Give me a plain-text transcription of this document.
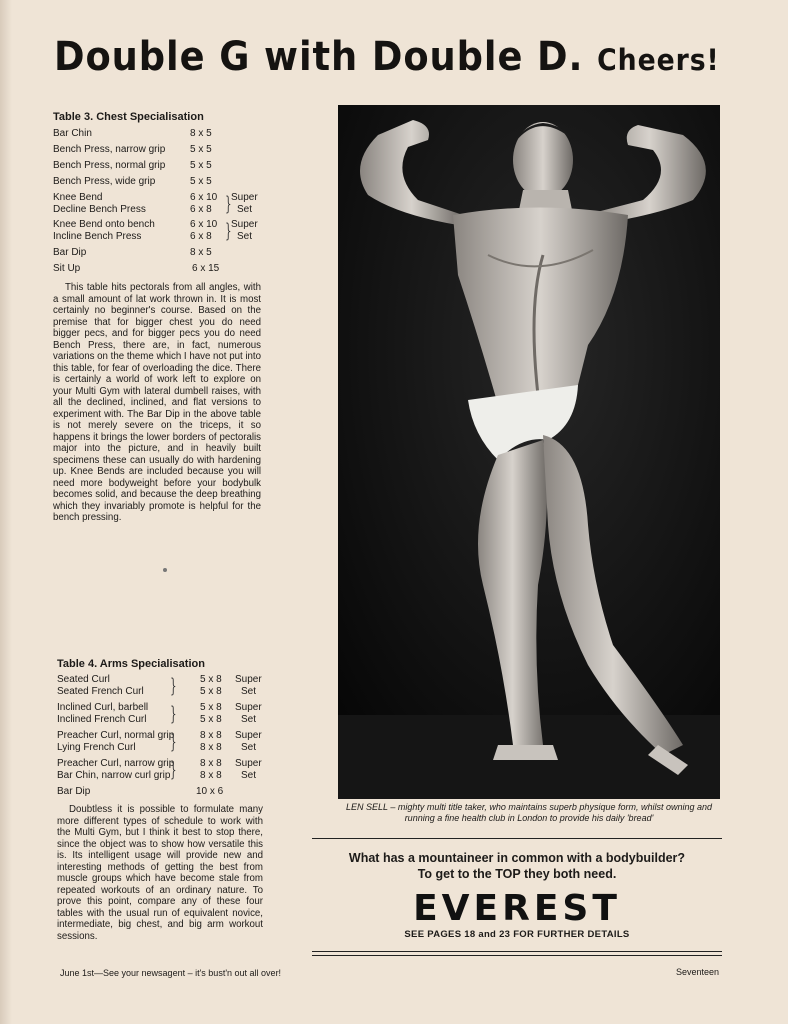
Double G with Double D. Cheers!
Table 3. Chest Specialisation
Bar Chin	8 x 5
Bench Press, narrow grip 5 x 5
Bench Press, normal grip 5 x 5
Bench Press, wide grip	5 x 5
Knee Bend	6 x 10 Super
Decline Bench Press	6 x 8	Set
}
Knee Bend onto bench	6 x 10 Super
Incline Bench Press	6 x 8	Set
}
Bar Dip	8 x 5
Sit Up	6 x 15
This table hits pectorals from all angles, with a small amount of lat work thrown in. It is most certainly no beginner's course. Based on the premise that for bigger chest you do need bigger pecs, and for bigger pecs you do need Bench Press, there are, in fact, numerous variations on the theme which I have not put into this table, for fear of overloading the dice. There is certainly a world of work left to explore on your Multi Gym with lateral dumbell raises, with all the declined, inclined, and flat versions to experiment with. The Bar Dip in the above table is not merely severe on the triceps, it so happens it brings the lower borders of pectoralis major into the picture, and in heavily built specimens these can usually do with hardening up. Knee Bends are included because you will need more bodyweight before your bodybulk becomes solid, and because the deep breathing which they invariably promote is helpful for the bench pressing.
Table 4. Arms Specialisation
Seated Curl	5 x 8 Super
Seated French Curl	5 x 8 Set
}
Inclined Curl, barbell	5 x 8 Super
Inclined French Curl	5 x 8 Set
}
Preacher Curl, normal grip	8 x 8 Super
Lying French Curl	8 x 8 Set
}
Preacher Curl, narrow grip	8 x 8 Super
Bar Chin, narrow curl grip	8 x 8 Set
}
Bar Dip	10 x 6
Doubtless it is possible to formulate many more different types of schedule to work with the Multi Gym, but I think it best to stop there, since the object was to show how versatile this is. Its intelligent usage will provide new and interesting methods of getting the best from muscle groups which have become stale from repeated workouts of an ordinary nature. To prove this point, compare any of these four tables with the usual run of equivalent novice, intermediate, big chest, and big arm workout sessions.
LEN SELL – mighty multi title taker, who maintains superb physique form, whilst owning and running a fine health club in London to provide his daily 'bread'
What has a mountaineer in common with a bodybuilder?
To get to the TOP they both need.
EVEREST
SEE PAGES 18 and 23 FOR FURTHER DETAILS
June 1st—See your newsagent – it's bust'n out all over!	Seventeen
